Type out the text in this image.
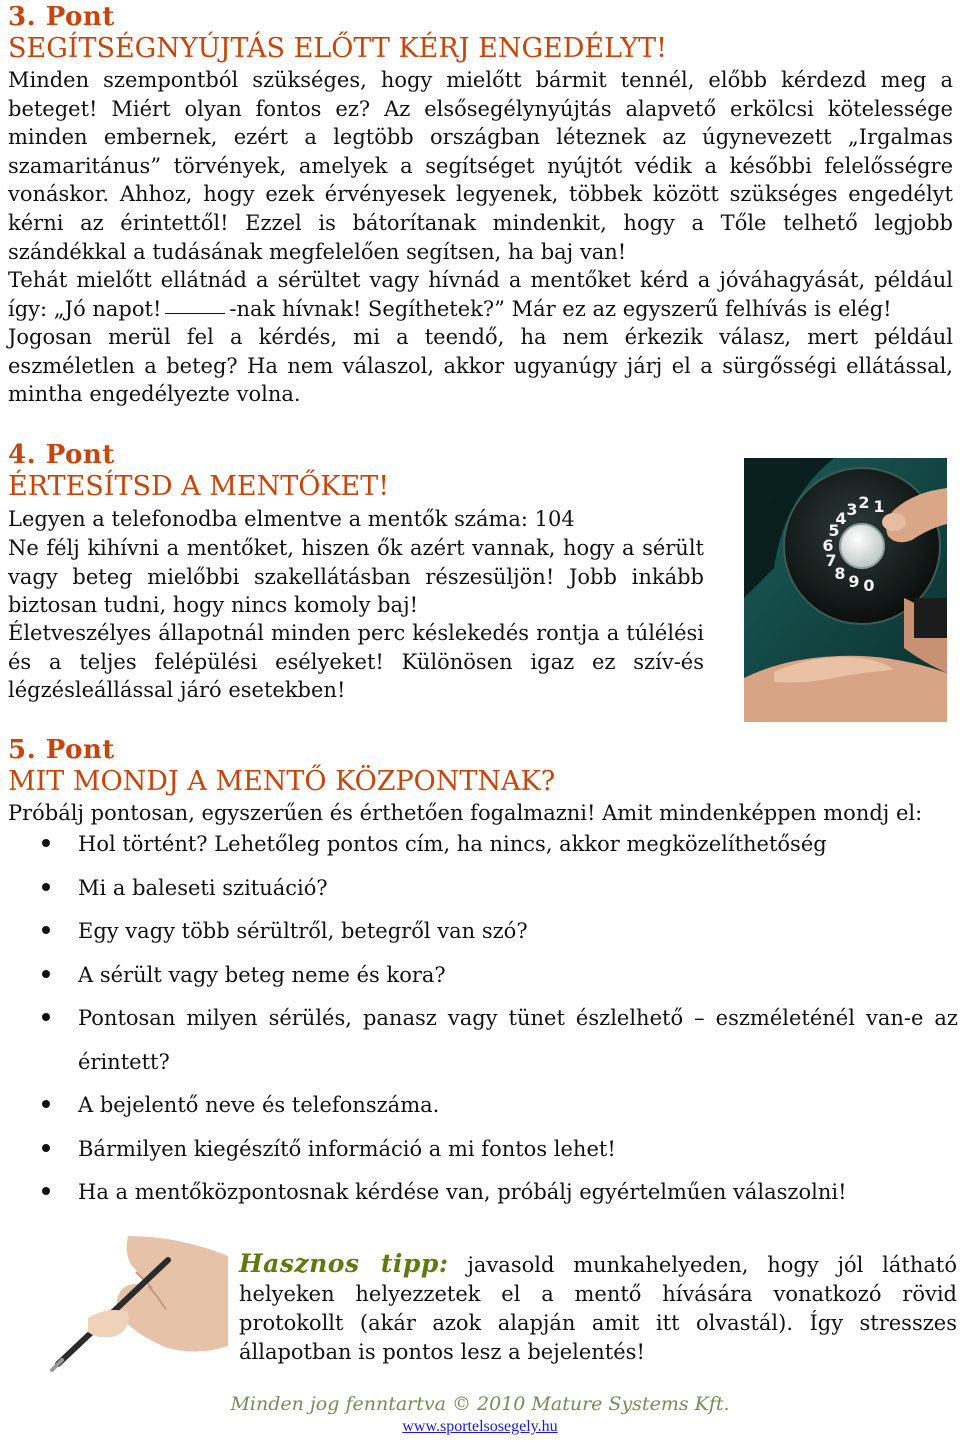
3. Pont

SEGÍTSÉGNYÚJTÁS ELŐTT KÉRJ ENGEDÉLYT!

Minden szempontból szükséges, hogy mielőtt bármit tennél, előbb kérdezd meg a beteget! Miért olyan fontos ez? Az elsősegélynyújtás alapvető erkölcsi kötelessége minden embernek, ezért a legtöbb országban léteznek az úgynevezett „Irgalmas szamaritánus” törvények, amelyek a segítséget nyújtót védik a későbbi felelősségre vonáskor. Ahhoz, hogy ezek érvényesek legyenek, többek között szükséges engedélyt kérni az érintettől! Ezzel is bátorítanak mindenkit, hogy a Tőle telhető legjobb szándékkal a tudásának megfelelően segítsen, ha baj van!

Tehát mielőtt ellátnád a sérültet vagy hívnád a mentőket kérd a jóváhagyását, például így: „Jó napot!	-nak hívnak! Segíthetek?” Már ez az egyszerű felhívás is elég!

Jogosan merül fel a kérdés, mi a teendő, ha nem érkezik válasz, mert például eszméletlen a beteg? Ha nem válaszol, akkor ugyanúgy járj el a sürgősségi ellátással, mintha engedélyezte volna.

4. Pont

ÉRTESÍTSD A MENTŐKET!

Legyen a telefonodba elmentve a mentők száma: 104

Ne félj kihívni a mentőket, hiszen ők azért vannak, hogy a sérült vagy beteg mielőbbi szakellátásban részesüljön! Jobb inkább biztosan tudni, hogy nincs komoly baj!

Életveszélyes állapotnál minden perc késlekedés rontja a túlélési és a teljes felépülési esélyeket! Különösen igaz ez szív-és légzésleállással járó esetekben!

1
2
3
4
5
6
7
8 9 0

5. Pont

MIT MONDJ A MENTŐ KÖZPONTNAK?

Próbálj pontosan, egyszerűen és érthetően fogalmazni! Amit mindenképpen mondj el:

Hol történt? Lehetőleg pontos cím, ha nincs, akkor megközelíthetőség
Mi a baleseti szituáció?
Egy vagy több sérültről, betegről van szó?
A sérült vagy beteg neme és kora?
Pontosan milyen sérülés, panasz vagy tünet észlelhető – eszméleténél van-e az érintett?
A bejelentő neve és telefonszáma.
Bármilyen kiegészítő információ a mi fontos lehet!
Ha a mentőközpontosnak kérdése van, próbálj egyértelműen válaszolni!

Hasznos tipp: javasold munkahelyeden, hogy jól látható helyeken helyezzetek el a mentő hívására vonatkozó rövid protokollt (akár azok alapján amit itt olvastál). Így stresszes állapotban is pontos lesz a bejelentés!

Minden jog fenntartva © 2010 Mature Systems Kft.

www.sportelsosegely.hu
